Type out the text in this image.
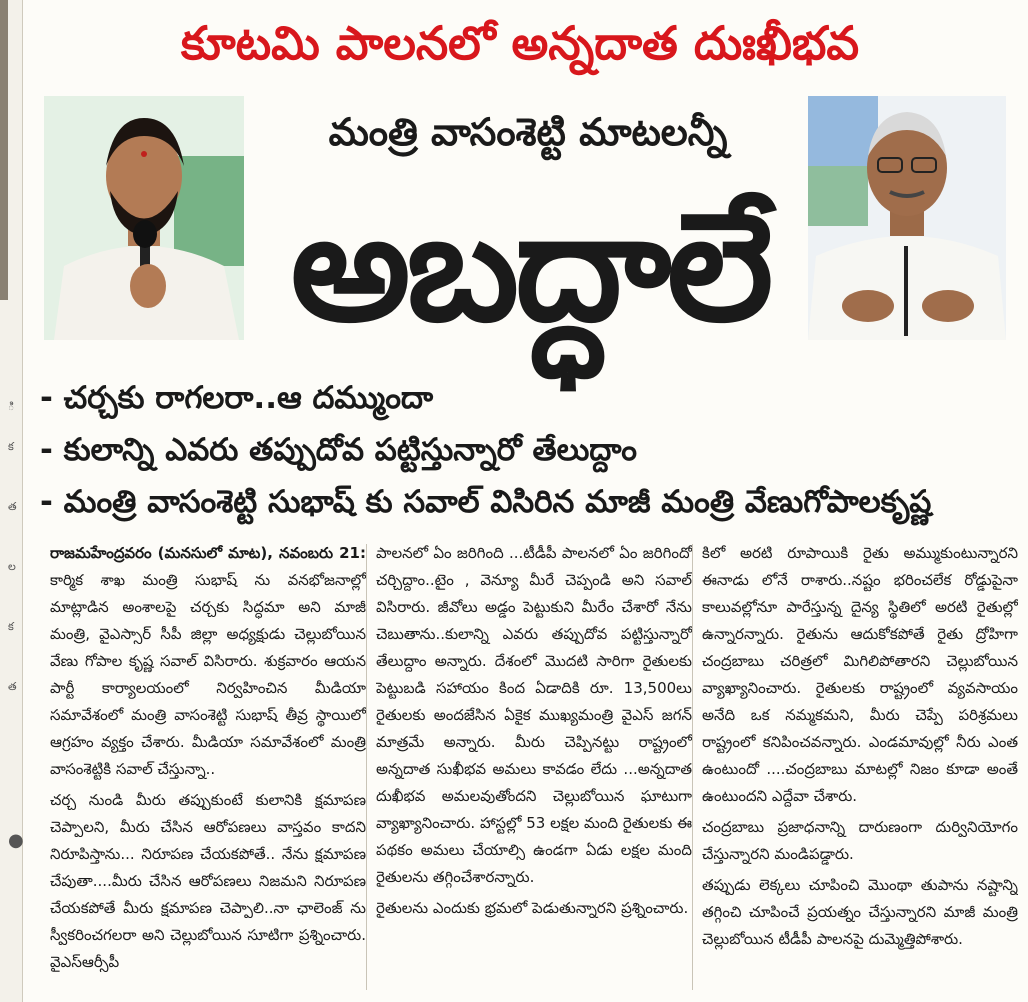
ి
క
త
ల
క
త
●
కూటమి పాలనలో అన్నదాత దుఃఖీభవ
మంత్రి వాసంశెట్టి మాటలన్నీ
అబద్ధాలే
- చర్చకు రాగలరా..ఆ దమ్ముందా
- కులాన్ని ఎవరు తప్పుదోవ పట్టిస్తున్నారో తేలుద్దాం
- మంత్రి వాసంశెట్టి సుభాష్ కు సవాల్ విసిరిన మాజీ మంత్రి వేణుగోపాలకృష్ణ

రాజమహేంద్రవరం (మనసులో మాట), నవంబరు 21: కార్మిక శాఖ మంత్రి సుభాష్ ను వనభోజనాల్లో మాట్లాడిన అంశాలపై చర్చకు సిద్ధమా అని మాజీ మంత్రి, వైఎస్సార్ సీపీ జిల్లా అధ్యక్షుడు చెల్లుబోయిన వేణు గోపాల కృష్ణ సవాల్ విసిరారు. శుక్రవారం ఆయన పార్టీ కార్యాలయంలో నిర్వహించిన మీడియా సమావేశంలో మంత్రి వాసంశెట్టి సుభాష్ తీవ్ర స్థాయిలో ఆగ్రహం వ్యక్తం చేశారు. మీడియా సమావేశంలో మంత్రి వాసంశెట్టికి సవాల్ చేస్తున్నా..

చర్చ నుండి మీరు తప్పుకుంటే కులానికి క్షమాపణ చెప్పాలని, మీరు చేసిన ఆరోపణలు వాస్తవం కాదని నిరూపిస్తాను... నిరూపణ చేయకపోతే.. నేను క్షమాపణ చేపుతా....మీరు చేసిన ఆరోపణలు నిజమని నిరూపణ చేయకపోతే మీరు క్షమాపణ చెప్పాలి..నా ఛాలెంజ్ ను స్వీకరించగలరా అని చెల్లుబోయిన సూటిగా ప్రశ్నించారు. వైఎస్ఆర్సీపీ

పాలనలో ఏం జరిగింది ...టీడీపీ పాలనలో ఏం జరిగిందో చర్చిద్దాం..టైం , వెన్యూ మీరే చెప్పండి అని సవాల్ విసిరారు. జీవోలు అడ్డం పెట్టుకుని మీరేం చేశారో నేను చెబుతాను..కులాన్ని ఎవరు తప్పుదోవ పట్టిస్తున్నారో తేలుద్దాం అన్నారు. దేశంలో మొదటి సారిగా రైతులకు పెట్టుబడి సహాయం కింద ఏడాదికి రూ. 13,500లు రైతులకు అందజేసిన ఏకైక ముఖ్యమంత్రి వైఎస్ జగన్ మాత్రమే అన్నారు. మీరు చెప్పినట్టు రాష్ట్రంలో అన్నదాత సుఖీభవ అమలు కావడం లేదు ...అన్నదాత దుఖీభవ అమలవుతోందని చెల్లుబోయిన ఘాటుగా వ్యాఖ్యానించారు. హాస్టల్లో 53 లక్షల మంది రైతులకు ఈ పథకం అమలు చేయాల్సి ఉండగా ఏడు లక్షల మంది రైతులను తగ్గించేశారన్నారు.

రైతులను ఎందుకు భ్రమలో పెడుతున్నారని ప్రశ్నించారు.

కిలో అరటి రూపాయికి రైతు అమ్ముకుంటున్నారని ఈనాడు లోనే రాశారు..నష్టం భరించలేక రోడ్డుపైనా కాలువల్లోనూ పారేస్తున్న దైన్య స్థితిలో అరటి రైతుల్లో ఉన్నారన్నారు. రైతును ఆదుకోకపోతే రైతు ద్రోహిగా చంద్రబాబు చరిత్రలో మిగిలిపోతారని చెల్లుబోయిన వ్యాఖ్యానించారు. రైతులకు రాష్ట్రంలో వ్యవసాయం అనేది ఒక నమ్మకమని, మీరు చెప్పే పరిశ్రమలు రాష్ట్రంలో కనిపించవన్నారు. ఎండమావుల్లో నీరు ఎంత ఉంటుందో ....చంద్రబాబు మాటల్లో నిజం కూడా అంతే ఉంటుందని ఎద్దేవా చేశారు.

చంద్రబాబు ప్రజాధనాన్ని దారుణంగా దుర్వినియోగం చేస్తున్నారని మండిపడ్డారు.

తప్పుడు లెక్కలు చూపించి మొంథా తుపాను నష్టాన్ని తగ్గించి చూపించే ప్రయత్నం చేస్తున్నారని మాజీ మంత్రి చెల్లుబోయిన టీడీపీ పాలనపై దుమ్మెత్తిపోశారు.
